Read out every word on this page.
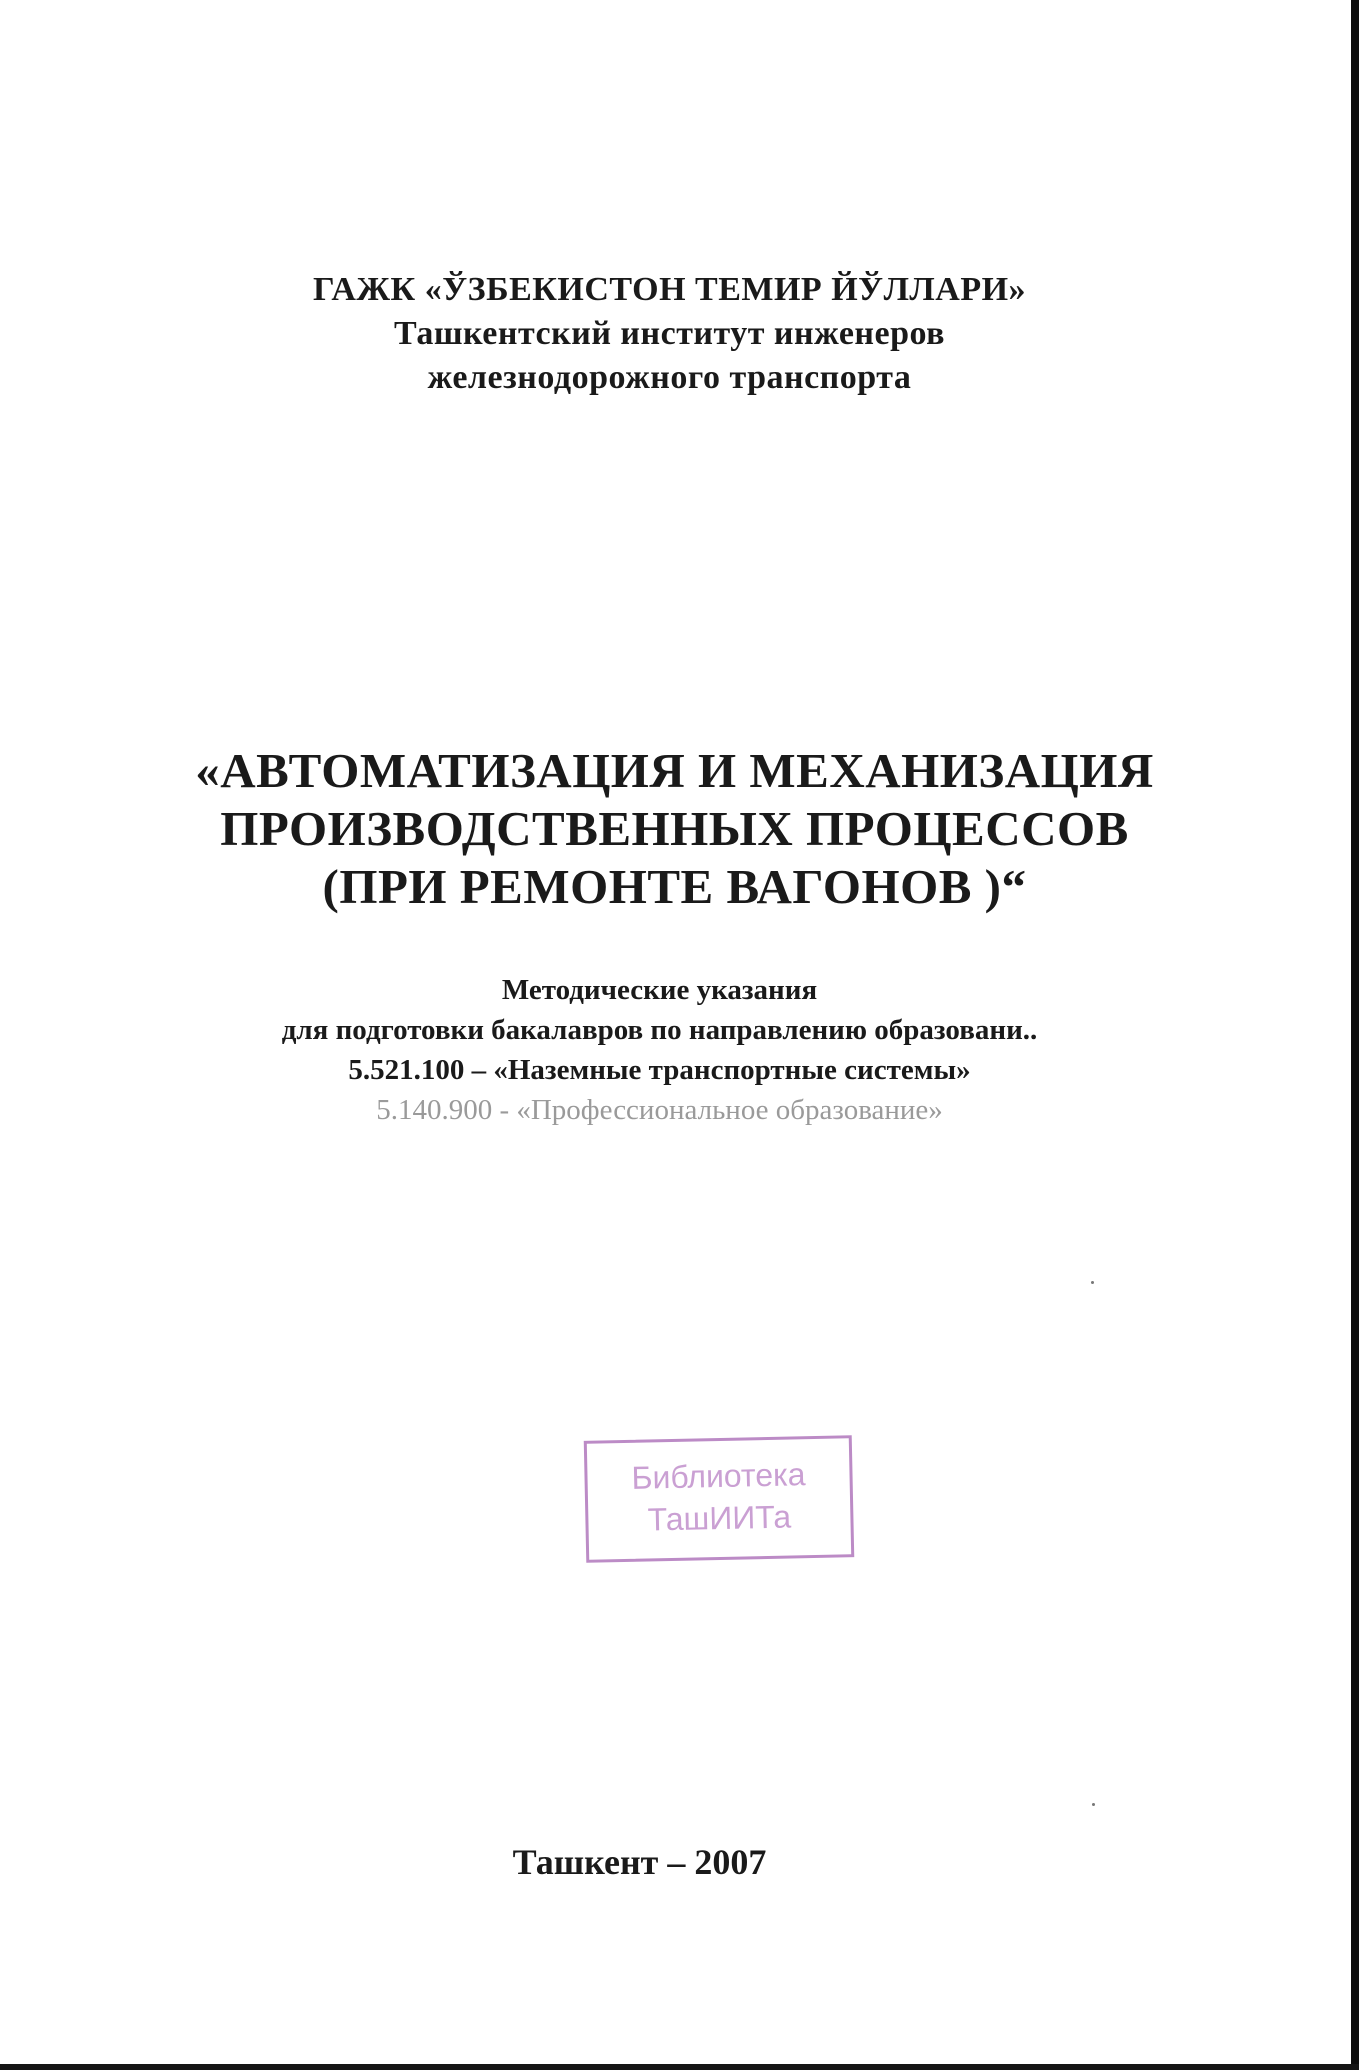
ГАЖК «ЎЗБЕКИСТОН ТЕМИР ЙЎЛЛАРИ»
Ташкентский институт инженеров
железнодорожного транспорта
«АВТОМАТИЗАЦИЯ И МЕХАНИЗАЦИЯ
ПРОИЗВОДСТВЕННЫХ ПРОЦЕССОВ
(ПРИ РЕМОНТЕ ВАГОНОВ )“
Методические указания
для подготовки бакалавров по направлению образовани..
5.521.100 – «Наземные транспортные системы»
5.140.900 - «Профессиональное образование»
Библиотека
ТашИИТа
Ташкент – 2007
